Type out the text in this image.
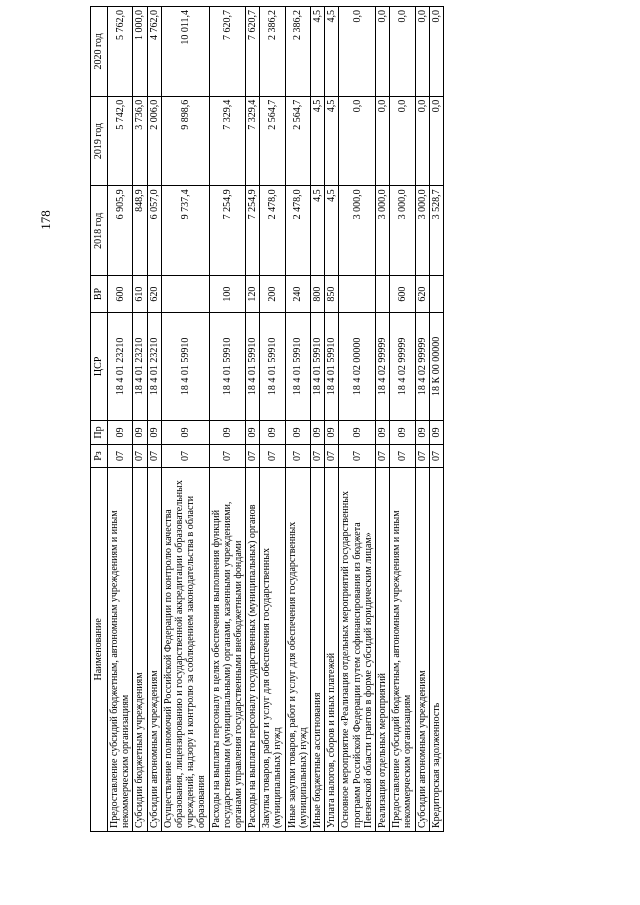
178
Наименование	Рз	Пр	ЦСР	ВР	2018 год	2019 год	2020 год
Предоставление субсидий бюджетным, автономным учреждениям и иным некоммерческим организациям	07	09	18 4 01 23210	600	6 905,9	5 742,0	5 762,0
Субсидии бюджетным учреждениям	07	09	18 4 01 23210	610	848,9	3 736,0	1 000,0
Субсидии автономным учреждениям	07	09	18 4 01 23210	620	6 057,0	2 006,0	4 762,0
Осуществление полномочий Российской Федерации по контролю качества образования, лицензированию и государственной аккредитации образовательных учреждений, надзору и контролю за соблюдением законодательства в области образования	07	09	18 4 01 59910		9 737,4	9 898,6	10 011,4
Расходы на выплаты персоналу в целях обеспечения выполнения функций государственными (муниципальными) органами, казенными учреждениями, органами управления государственными внебюджетными фондами	07	09	18 4 01 59910	100	7 254,9	7 329,4	7 620,7
Расходы на выплаты персоналу государственных (муниципальных) органов	07	09	18 4 01 59910	120	7 254,9	7 329,4	7 620,7
Закупка товаров, работ и услуг для обеспечения государственных (муниципальных) нужд	07	09	18 4 01 59910	200	2 478,0	2 564,7	2 386,2
Иные закупки товаров, работ и услуг для обеспечения государственных (муниципальных) нужд	07	09	18 4 01 59910	240	2 478,0	2 564,7	2 386,2
Иные бюджетные ассигнования	07	09	18 4 01 59910	800	4,5	4,5	4,5
Уплата налогов, сборов и иных платежей	07	09	18 4 01 59910	850	4,5	4,5	4,5
Основное мероприятие «Реализация отдельных мероприятий государственных программ Российской Федерации путем софинансирования из бюджета Пензенской области грантов в форме субсидий юридическим лицам»	07	09	18 4 02 00000		3 000,0	0,0	0,0
Реализация отдельных мероприятий	07	09	18 4 02 99999		3 000,0	0,0	0,0
Предоставление субсидий бюджетным, автономным учреждениям и иным некоммерческим организациям	07	09	18 4 02 99999	600	3 000,0	0,0	0,0
Субсидии автономным учреждениям	07	09	18 4 02 99999	620	3 000,0	0,0	0,0
Кредиторская задолженность	07	09	18 К 00 00000		3 528,7	0,0	0,0
